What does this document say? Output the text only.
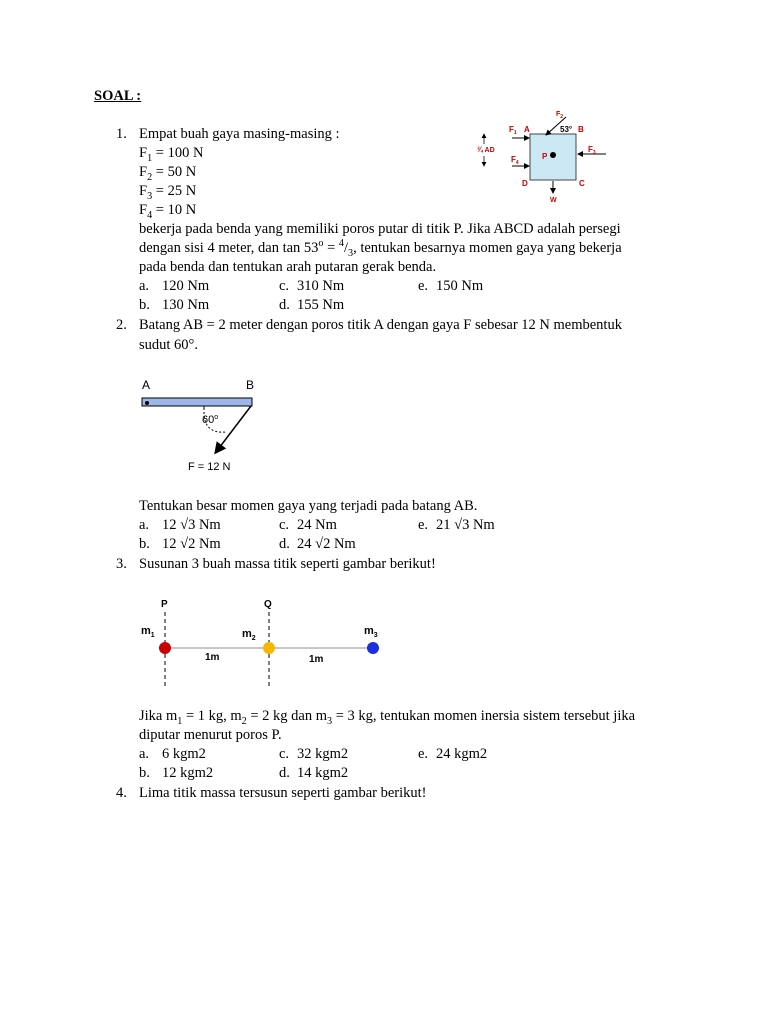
SOAL :
1. Empat buah gaya masing-masing :
$F_1 = 100$ N
$F_2 = 50$ N
$F_3 = 25$ N
$F_4 = 10$ N
bekerja pada benda yang memiliki poros putar di titik P. Jika ABCD adalah persegi
dengan sisi 4 meter, dan $\tan 53^o = ^4/_3$, tentukan besarnya momen gaya yang bekerja
pada benda dan tentukan arah putaran gerak benda.
a. 120 Nm	c. 310 Nm	e. 150 Nm
b. 130 Nm	d. 155 Nm
$F_2$
$F_1$ A	53° B
¾ AD	$F_3$
$F_4$
P
D	C
W
2. Batang AB = 2 meter dengan poros titik A dengan gaya F sebesar 12 N membentuk
sudut 60°.
A	B
60$^o$
F = 12 N
Tentukan besar momen gaya yang terjadi pada batang AB.
a. 12 √3 Nm	c. 24 Nm	e. 21 √3 Nm
b. 12 √2 Nm	d. 24 √2 Nm
3. Susunan 3 buah massa titik seperti gambar berikut!
P	Q
$m_1$	$m_2$
$m_3$
1m	1m
Jika $m_1 = 1$ kg, $m_2 = 2$ kg dan $m_3 = 3$ kg, tentukan momen inersia sistem tersebut jika
diputar menurut poros P.
a. 6 kgm2	c. 32 kgm2	e. 24 kgm2
b. 12 kgm2	d. 14 kgm2
4. Lima titik massa tersusun seperti gambar berikut!
